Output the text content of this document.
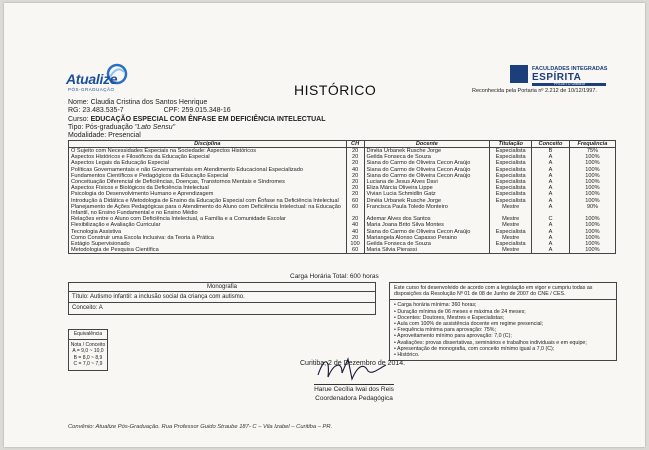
Atualize
PÓS-GRADUAÇÃO	HISTÓRICO
FACULDADES INTEGRADAS
ESPÍRITA
PROJETO UNIBEM
Reconhecida pela Portaria nº 2.212 de 10/12/1997.
Nome: Claudia Cristina dos Santos Henrique
RG: 23.483.535-7	CPF: 259.015.348-16
Curso: EDUCAÇÃO ESPECIAL COM ÊNFASE EM DEFICIÊNCIA INTELECTUAL
Tipo: Pós-graduação "Lato Sensu"
Modalidade: Presencial
Disciplina	CH	Docente	Titulação	Conceito	Frequência
O Sujeito com Necessidades Especiais na Sociedade: Aspectos Históricos	20	Dinéia Urbanek Rusche Jorge	Especialista	B	75%
Aspectos Históricos e Filosóficos da Educação Especial	20	Geilda Fonseca de Souza	Especialista	A	100%
Aspectos Legais da Educação Especial	20	Siana do Carmo de Oliveira Cecon Araújo	Especialista	A	100%
Políticas Governamentais e não Governamentais em Atendimento Educacional Especializado	40	Siana do Carmo de Oliveira Cecon Araújo	Especialista	A	100%
Fundamentos Científicos e Pedagógicos da Educação Especial	20	Siana do Carmo de Oliveira Cecon Araújo	Especialista	A	100%
Conceituação Diferencial de Deficiências, Doenças, Transtornos Mentais e Síndromes	20	Luciana de Jesus Alves Davi	Especialista	A	100%
Aspectos Físicos e Biológicos da Deficiência Intelectual	20	Eliza Márcia Oliveira Lippe	Especialista	A	100%
Psicologia do Desenvolvimento Humano e Aprendizagem	20	Vivian Lucia Schmidlin Gatz	Especialista	A	100%
Introdução à Didática e Metodologia de Ensino da Educação Especial com Ênfase na Deficiência Intelectual	60	Dinéia Urbanek Rusche Jorge	Especialista	A	100%
Planejamento de Ações Pedagógicas para o Atendimento do Aluno com Deficiência Intelectual: na Educação Infantil, no Ensino Fundamental e no Ensino Médio	60	Francisca Paula Toledo Monteiro	Mestre	A	90%
Relações entre o Aluno com Deficiência Intelectual, a Família e a Comunidade Escolar	20	Ademar Alves dos Santos	Mestre	C	100%
Flexibilização e Avaliação Curricular	40	Maria Joana Brito Silva Montes	Mestre	A	100%
Tecnologia Assistiva	40	Siana do Carmo de Oliveira Cecon Araújo	Especialista	A	100%
Como Construir uma Escola Inclusiva: da Teoria à Prática	20	Mariangela Alonso Capasso Peraino	Mestre	A	100%
Estágio Supervisionado	100	Geilda Fonseca de Souza	Especialista	A	100%
Metodologia de Pesquisa Científica	60	Maria Silvia Pierassi	Mestre	A	100%
Carga Horária Total: 600 horas
Monografia
Título: Autismo infantil: a inclusão social da criança com autismo.
Conceito: A
Este curso foi desenvolvido de acordo com a legislação em vigor e cumpriu todas as disposições da Resolução Nº 01 de 08 de Junho de 2007 do CNE / CES.
• Carga horária mínima: 360 horas;
• Duração mínima de 06 meses e máxima de 24 meses;
• Docentes: Doutores, Mestres e Especialistas;
• Aula com 100% de assistência docente em regime presencial;
• Frequência mínima para aprovação: 75%;
• Aproveitamento mínimo para aprovação: 7,0 (C);
• Avaliações: provas dissertativas, seminários e trabalhos individuais e em equipe;
• Apresentação de monografia, com conceito mínimo igual a 7,0 (C);
• Histórico.
Equivalência
Nota / Conceito
A = 9,0 ~ 10,0
B = 8,0 ~ 8,9
C = 7,0 ~ 7,9	Curitiba, 2 de Dezembro de 2014.
Harue Cecília Iwai dos Reis
Coordenadora Pedagógica
Convênio: Atualize Pós-Graduação. Rua Professor Guido Straube 187- C – Vila Izabel – Curitiba – PR.
